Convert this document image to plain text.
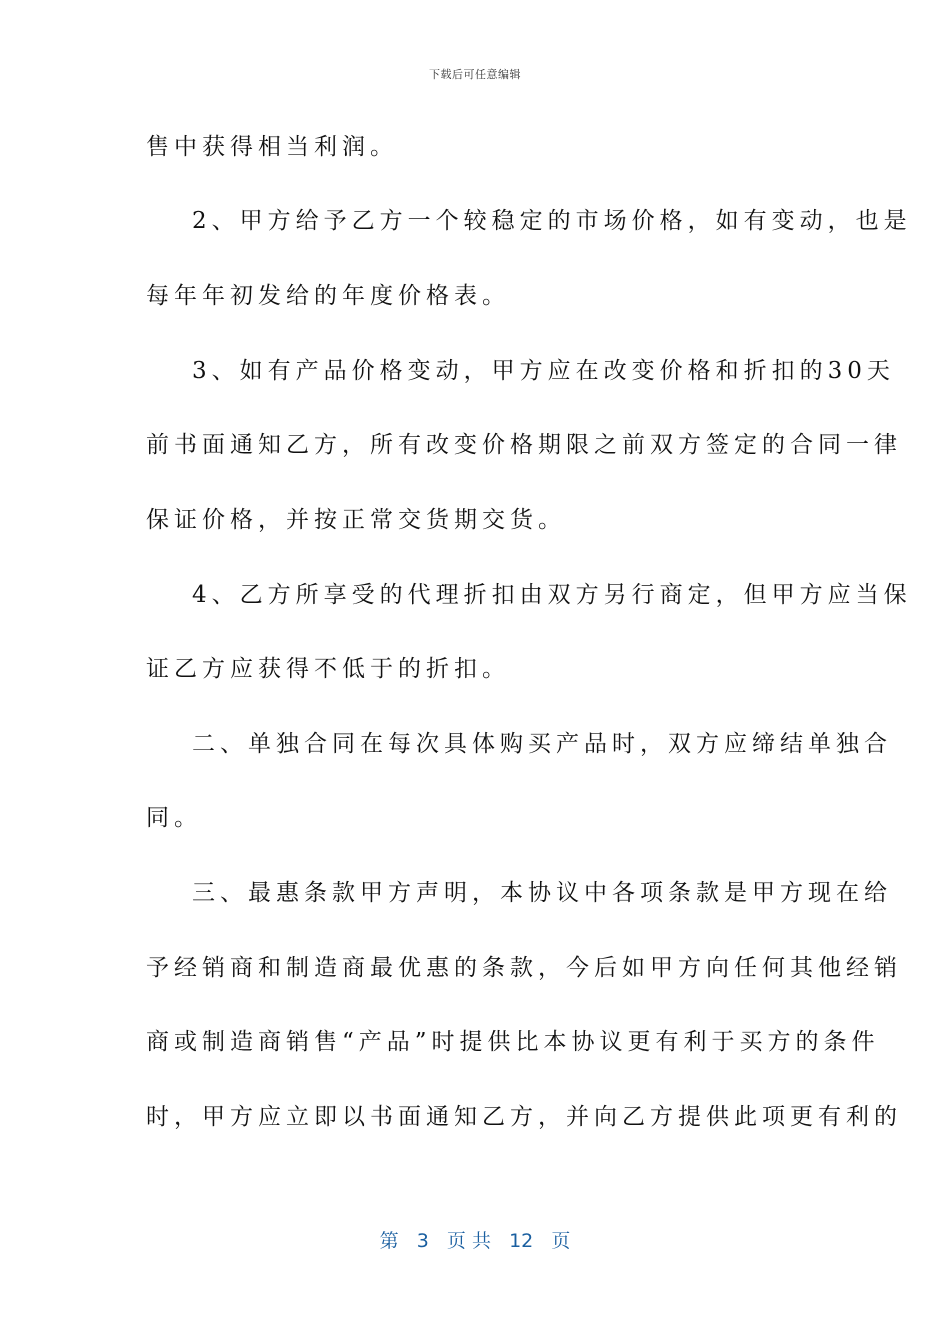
下载后可任意编辑
售中获得相当利润。
2、甲方给予乙方一个较稳定的市场价格，如有变动，也是
每年年初发给的年度价格表。
3、如有产品价格变动，甲方应在改变价格和折扣的30天
前书面通知乙方，所有改变价格期限之前双方签定的合同一律
保证价格，并按正常交货期交货。
4、乙方所享受的代理折扣由双方另行商定，但甲方应当保
证乙方应获得不低于的折扣。
二、单独合同在每次具体购买产品时，双方应缔结单独合
同。
三、最惠条款甲方声明，本协议中各项条款是甲方现在给
予经销商和制造商最优惠的条款，今后如甲方向任何其他经销
商或制造商销售“产品”时提供比本协议更有利于买方的条件
时，甲方应立即以书面通知乙方，并向乙方提供此项更有利的
第 3 页 共 12 页
